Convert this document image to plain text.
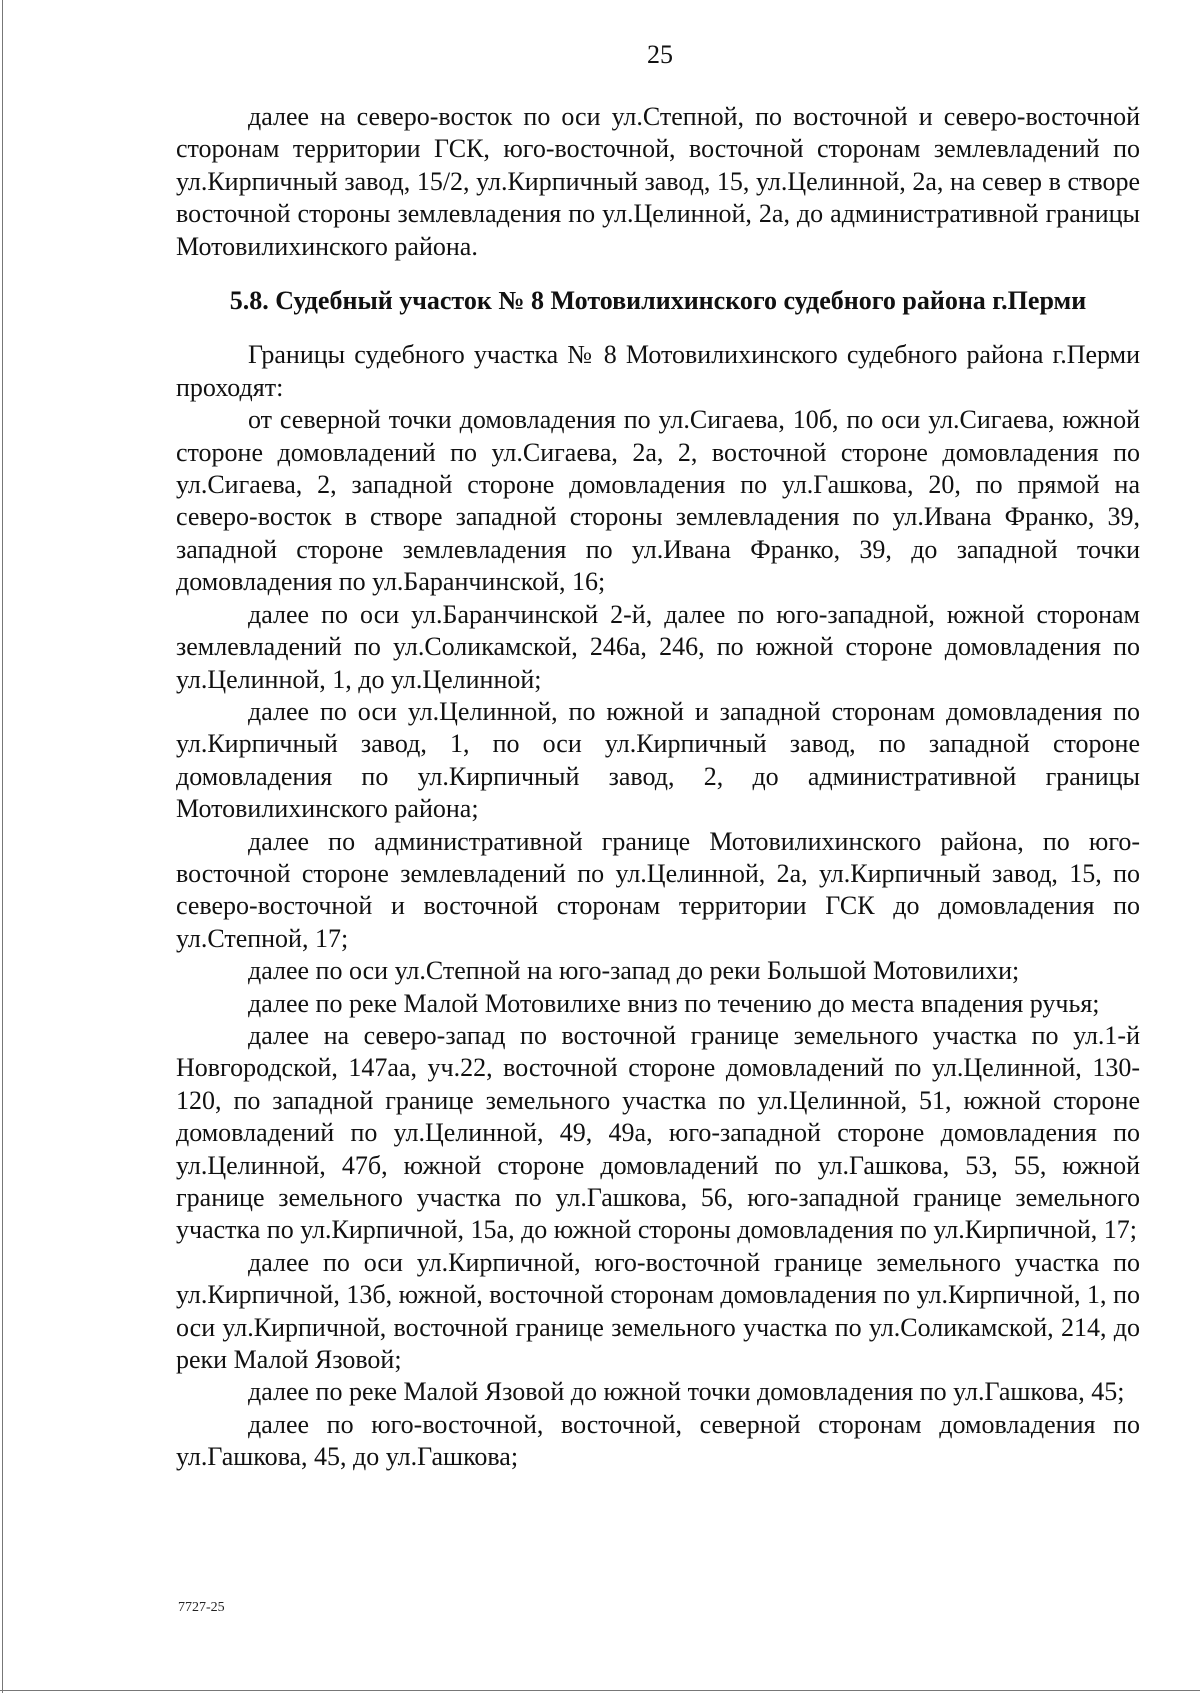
25

далее на северо-восток по оси ул.Степной, по восточной и северо-восточной сторонам территории ГСК, юго-восточной, восточной сторонам землевладений по ул.Кирпичный завод, 15/2, ул.Кирпичный завод, 15, ул.Целинной, 2а, на север в створе восточной стороны землевладения по ул.Целинной, 2а, до административной границы Мотовилихинского района.

5.8. Судебный участок № 8 Мотовилихинского судебного района г.Перми

Границы судебного участка № 8 Мотовилихинского судебного района г.Перми проходят:

от северной точки домовладения по ул.Сигаева, 10б, по оси ул.Сигаева, южной стороне домовладений по ул.Сигаева, 2а, 2, восточной стороне домовладения по ул.Сигаева, 2, западной стороне домовладения по ул.Гашкова, 20, по прямой на северо-восток в створе западной стороны землевладения по ул.Ивана Франко, 39, западной стороне землевладения по ул.Ивана Франко, 39, до западной точки домовладения по ул.Баранчинской, 16;

далее по оси ул.Баранчинской 2-й, далее по юго-западной, южной сторонам землевладений по ул.Соликамской, 246а, 246, по южной стороне домовладения по ул.Целинной, 1, до ул.Целинной;

далее по оси ул.Целинной, по южной и западной сторонам домовладения по ул.Кирпичный завод, 1, по оси ул.Кирпичный завод, по западной стороне домовладения по ул.Кирпичный завод, 2, до административной границы Мотовилихинского района;

далее по административной границе Мотовилихинского района, по юго-восточной стороне землевладений по ул.Целинной, 2а, ул.Кирпичный завод, 15, по северо-восточной и восточной сторонам территории ГСК до домовладения по ул.Степной, 17;

далее по оси ул.Степной на юго-запад до реки Большой Мотовилихи;

далее по реке Малой Мотовилихе вниз по течению до места впадения ручья;

далее на северо-запад по восточной границе земельного участка по ул.1-й Новгородской, 147аа, уч.22, восточной стороне домовладений по ул.Целинной, 130-120, по западной границе земельного участка по ул.Целинной, 51, южной стороне домовладений по ул.Целинной, 49, 49а, юго-западной стороне домовладения по ул.Целинной, 47б, южной стороне домовладений по ул.Гашкова, 53, 55, южной границе земельного участка по ул.Гашкова, 56, юго-западной границе земельного участка по ул.Кирпичной, 15а, до южной стороны домовладения по ул.Кирпичной, 17;

далее по оси ул.Кирпичной, юго-восточной границе земельного участка по ул.Кирпичной, 13б, южной, восточной сторонам домовладения по ул.Кирпичной, 1, по оси ул.Кирпичной, восточной границе земельного участка по ул.Соликамской, 214, до реки Малой Язовой;

далее по реке Малой Язовой до южной точки домовладения по ул.Гашкова, 45;

далее по юго-восточной, восточной, северной сторонам домовладения по ул.Гашкова, 45, до ул.Гашкова;

7727-25
